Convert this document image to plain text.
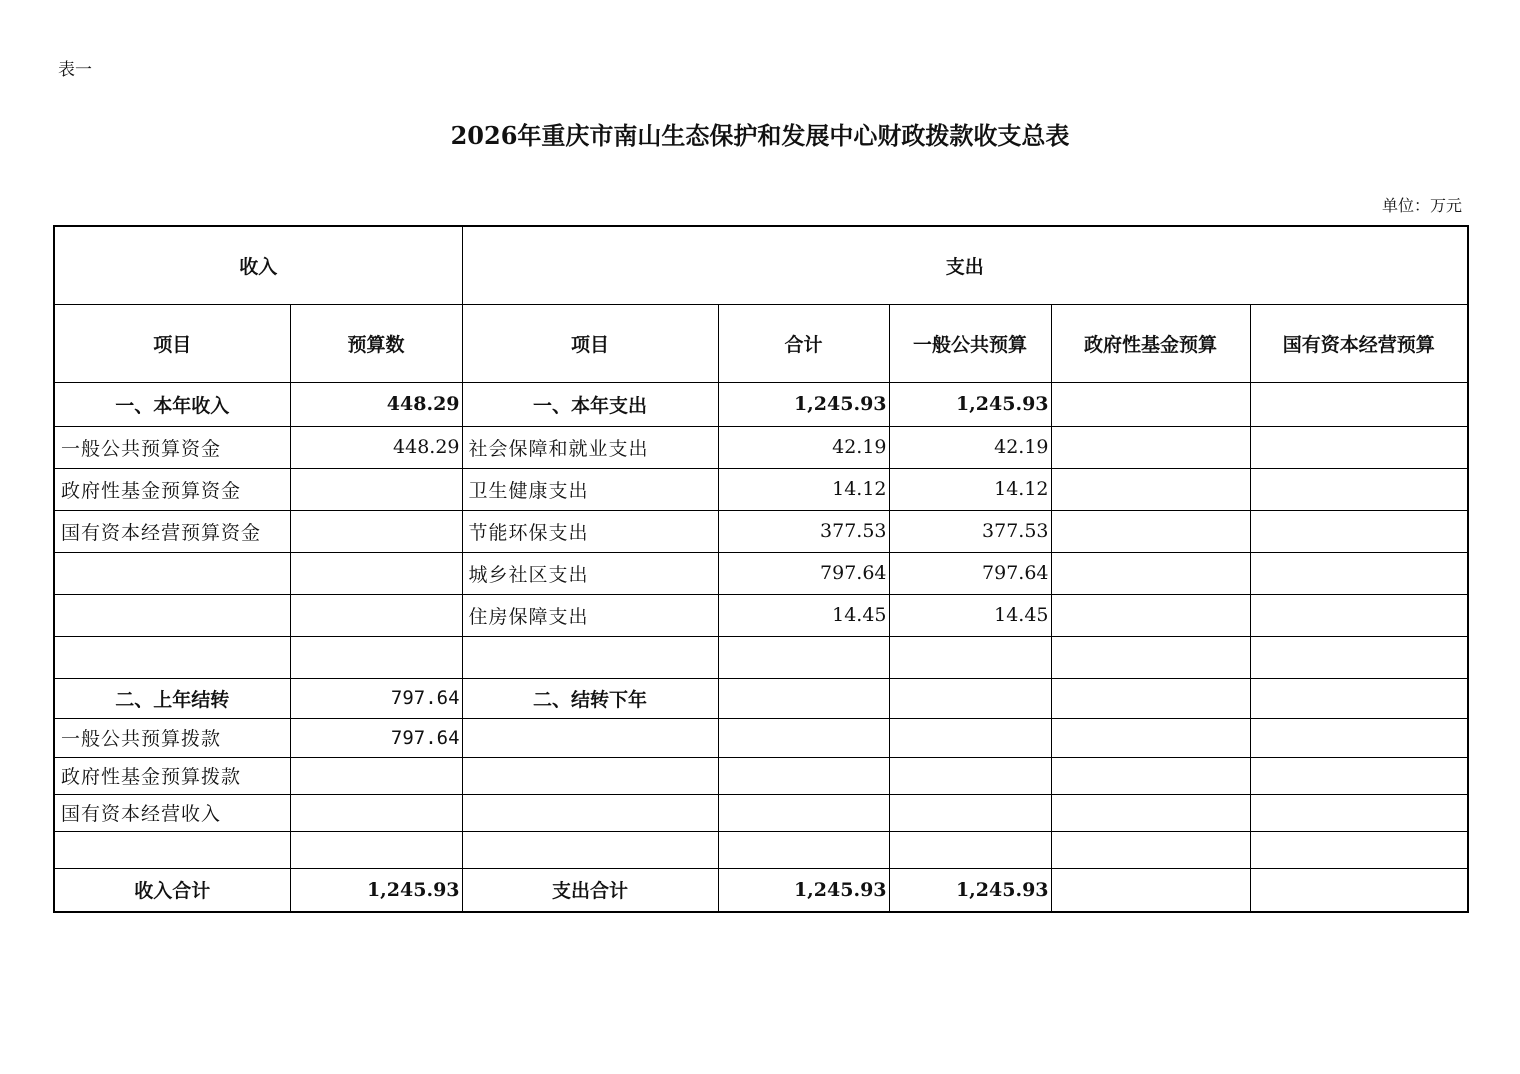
表一
2026年重庆市南山生态保护和发展中心财政拨款收支总表
单位：万元
收入		支出				
项目	预算数	项目	合计	一般公共预算	政府性基金预算	国有资本经营预算
一、本年收入	448.29	一、本年支出	1,245.93	1,245.93		
一般公共预算资金	448.29	社会保障和就业支出	42.19	42.19		
政府性基金预算资金		卫生健康支出	14.12	14.12		
国有资本经营预算资金		节能环保支出	377.53	377.53		
		城乡社区支出	797.64	797.64		
		住房保障支出	14.45	14.45		

二、上年结转	797.64	二、结转下年				
一般公共预算拨款	797.64					
政府性基金预算拨款						
国有资本经营收入						

收入合计	1,245.93	支出合计	1,245.93	1,245.93		
